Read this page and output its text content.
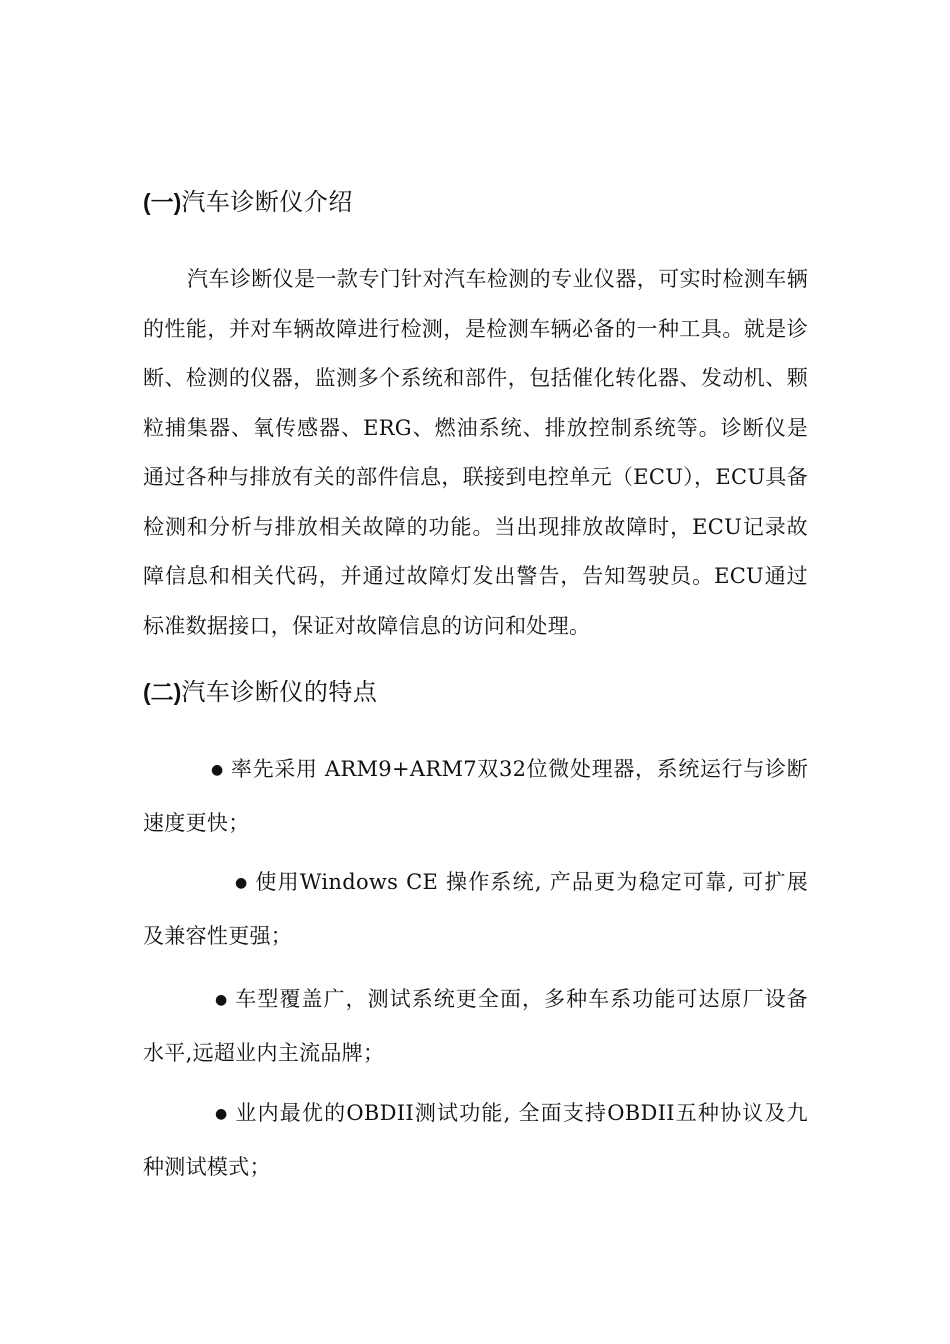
(一)汽车诊断仪介绍
汽车诊断仪是一款专门针对汽车检测的专业仪器，可实时检测车辆的性能，并对车辆故障进行检测，是检测车辆必备的一种工具。就是诊断、检测的仪器，监测多个系统和部件，包括催化转化器、发动机、颗粒捕集器、氧传感器、ERG、燃油系统、排放控制系统等。诊断仪是通过各种与排放有关的部件信息，联接到电控单元（ECU），ECU具备检测和分析与排放相关故障的功能。当出现排放故障时，ECU记录故障信息和相关代码，并通过故障灯发出警告，告知驾驶员。ECU通过标准数据接口，保证对故障信息的访问和处理。
(二)汽车诊断仪的特点
● 率先采用 ARM9+ARM7双32位微处理器，系统运行与诊断速度更快；
● 使用Windows CE 操作系统, 产品更为稳定可靠, 可扩展及兼容性更强；
● 车型覆盖广，测试系统更全面，多种车系功能可达原厂设备水平,远超业内主流品牌；
● 业内最优的OBDII测试功能, 全面支持OBDII五种协议及九种测试模式；
